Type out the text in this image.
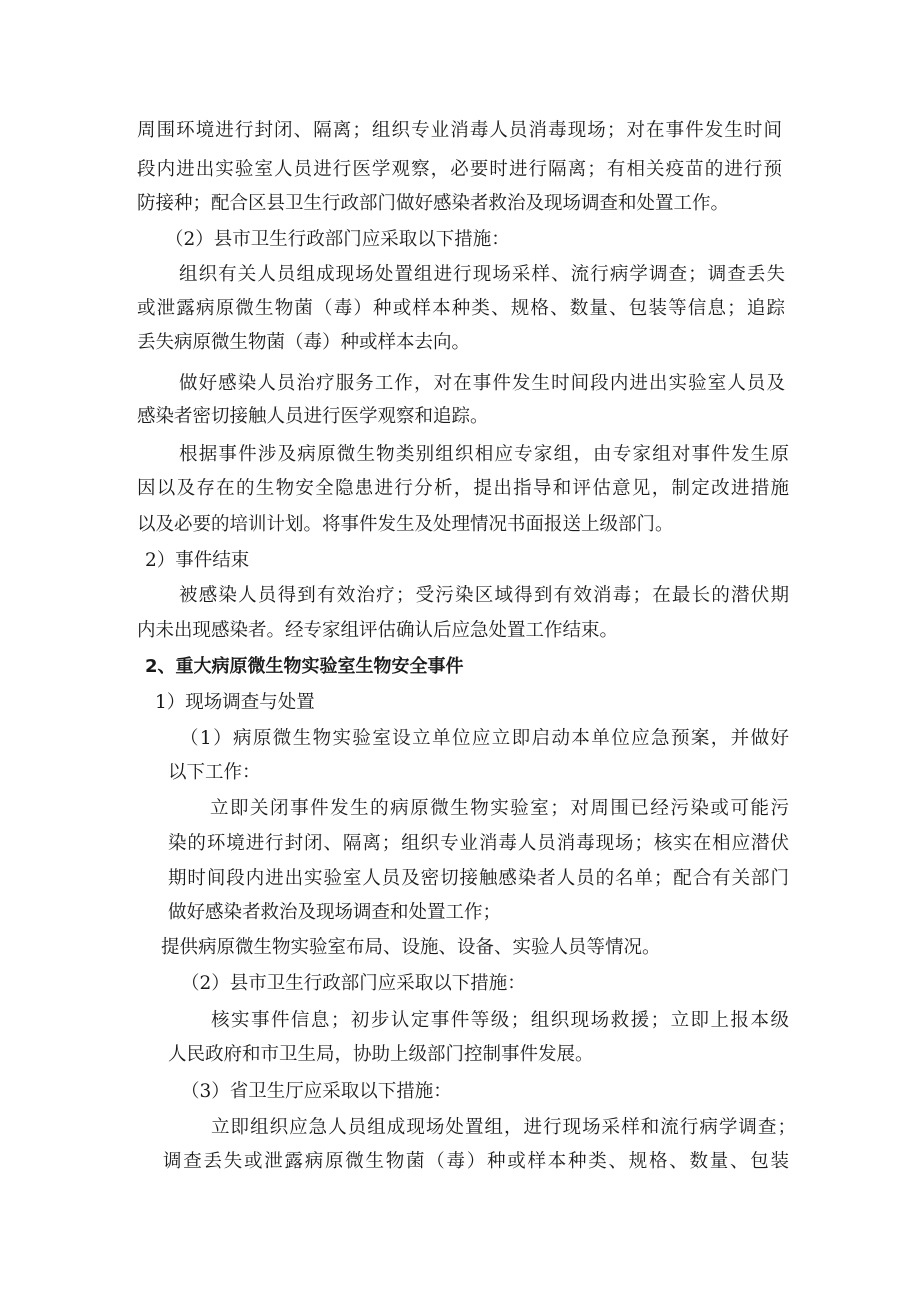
周围环境进行封闭、隔离；组织专业消毒人员消毒现场；对在事件发生时间
段内进出实验室人员进行医学观察，必要时进行隔离；有相关疫苗的进行预
防接种；配合区县卫生行政部门做好感染者救治及现场调查和处置工作。
（2）县市卫生行政部门应采取以下措施：
组织有关人员组成现场处置组进行现场采样、流行病学调查；调查丢失
或泄露病原微生物菌（毒）种或样本种类、规格、数量、包装等信息；追踪
丢失病原微生物菌（毒）种或样本去向。
做好感染人员治疗服务工作，对在事件发生时间段内进出实验室人员及
感染者密切接触人员进行医学观察和追踪。
根据事件涉及病原微生物类别组织相应专家组，由专家组对事件发生原
因以及存在的生物安全隐患进行分析，提出指导和评估意见，制定改进措施
以及必要的培训计划。将事件发生及处理情况书面报送上级部门。
2）事件结束
被感染人员得到有效治疗；受污染区域得到有效消毒；在最长的潜伏期
内未出现感染者。经专家组评估确认后应急处置工作结束。
2、重大病原微生物实验室生物安全事件
1）现场调查与处置
（1）病原微生物实验室设立单位应立即启动本单位应急预案，并做好
以下工作：
立即关闭事件发生的病原微生物实验室；对周围已经污染或可能污
染的环境进行封闭、隔离；组织专业消毒人员消毒现场；核实在相应潜伏
期时间段内进出实验室人员及密切接触感染者人员的名单；配合有关部门
做好感染者救治及现场调查和处置工作；
提供病原微生物实验室布局、设施、设备、实验人员等情况。
（2）县市卫生行政部门应采取以下措施：
核实事件信息；初步认定事件等级；组织现场救援；立即上报本级
人民政府和市卫生局，协助上级部门控制事件发展。
（3）省卫生厅应采取以下措施：
立即组织应急人员组成现场处置组，进行现场采样和流行病学调查；
调查丢失或泄露病原微生物菌（毒）种或样本种类、规格、数量、包装
